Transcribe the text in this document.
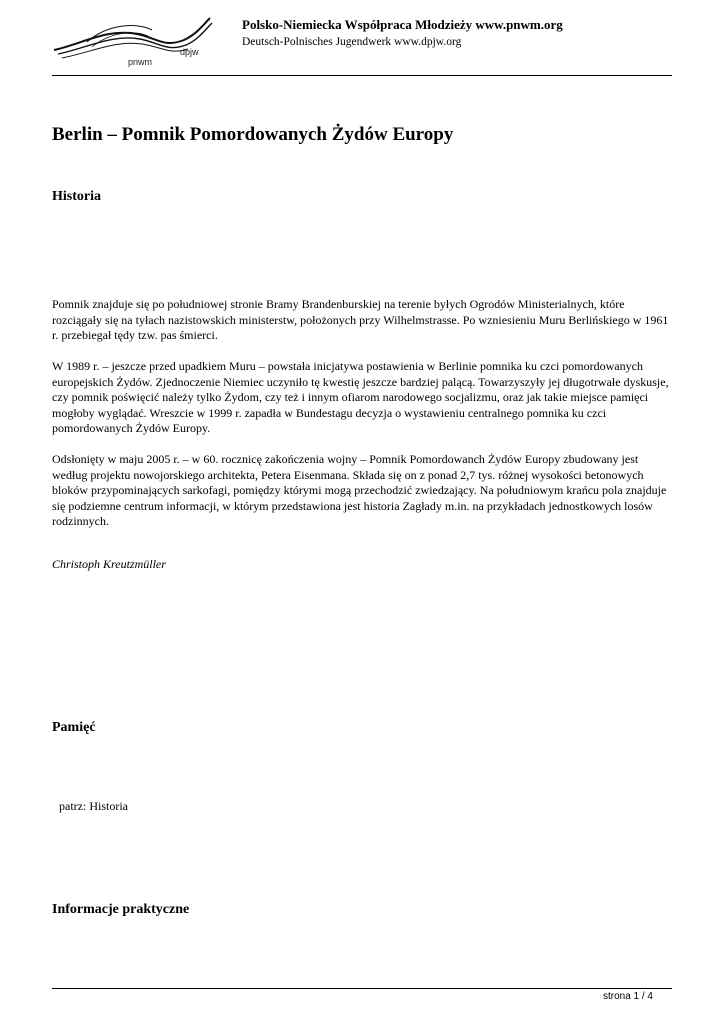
dpjw
pnwm
Polsko-Niemiecka Współpraca Młodzieży www.pnwm.org
Deutsch-Polnisches Jugendwerk www.dpjw.org
Berlin – Pomnik Pomordowanych Żydów Europy
Historia

Pomnik znajduje się po południowej stronie Bramy Brandenburskiej na terenie byłych Ogrodów Ministerialnych, które rozciągały się na tyłach nazistowskich ministerstw, położonych przy Wilhelmstrasse. Po wzniesieniu Muru Berlińskiego w 1961 r. przebiegał tędy tzw. pas śmierci.

W 1989 r. – jeszcze przed upadkiem Muru – powstała inicjatywa postawienia w Berlinie pomnika ku czci pomordowanych europejskich Żydów. Zjednoczenie Niemiec uczyniło tę kwestię jeszcze bardziej palącą. Towarzyszyły jej długotrwałe dyskusje, czy pomnik poświęcić należy tylko Żydom, czy też i innym ofiarom narodowego socjalizmu, oraz jak takie miejsce pamięci mogłoby wyglądać. Wreszcie w 1999 r. zapadła w Bundestagu decyzja o wystawieniu centralnego pomnika ku czci pomordowanych Żydów Europy.

Odsłonięty w maju 2005 r. – w 60. rocznicę zakończenia wojny – Pomnik Pomordowanch Żydów Europy zbudowany jest według projektu nowojorskiego architekta, Petera Eisenmana. Składa się on z ponad 2,7 tys. różnej wysokości betonowych bloków przypominających sarkofagi, pomiędzy którymi mogą przechodzić zwiedzający. Na południowym krańcu pola znajduje się podziemne centrum informacji, w którym przedstawiona jest historia Zagłady m.in. na przykładach jednostkowych losów rodzinnych.

Christoph Kreutzmüller

Pamięć

patrz: Historia

Informacje praktyczne
strona 1 / 4
